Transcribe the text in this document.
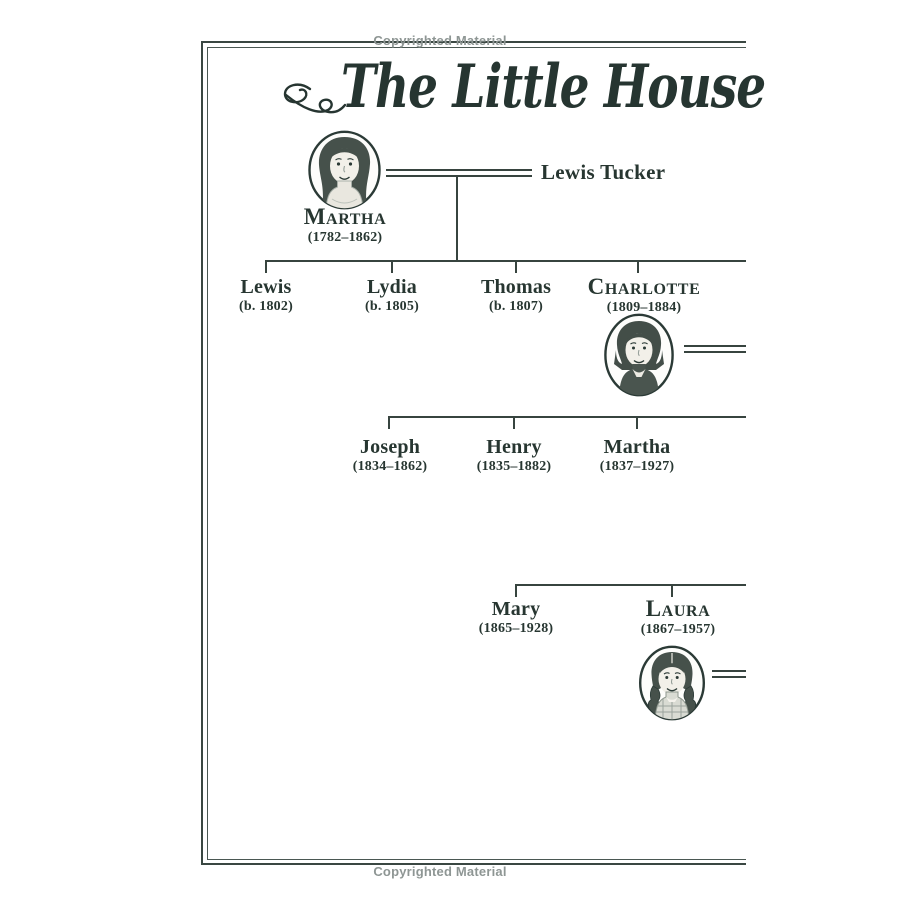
Copyrighted Material
The Little House
Lewis Tucker
Martha
(1782–1862)
Lewis
(b. 1802)
Lydia
(b. 1805)
Thomas
(b. 1807)
Charlotte
(1809–1884)
Joseph
(1834–1862)
Henry
(1835–1882)
Martha
(1837–1927)
Mary
(1865–1928)
Laura
(1867–1957)
Copyrighted Material
